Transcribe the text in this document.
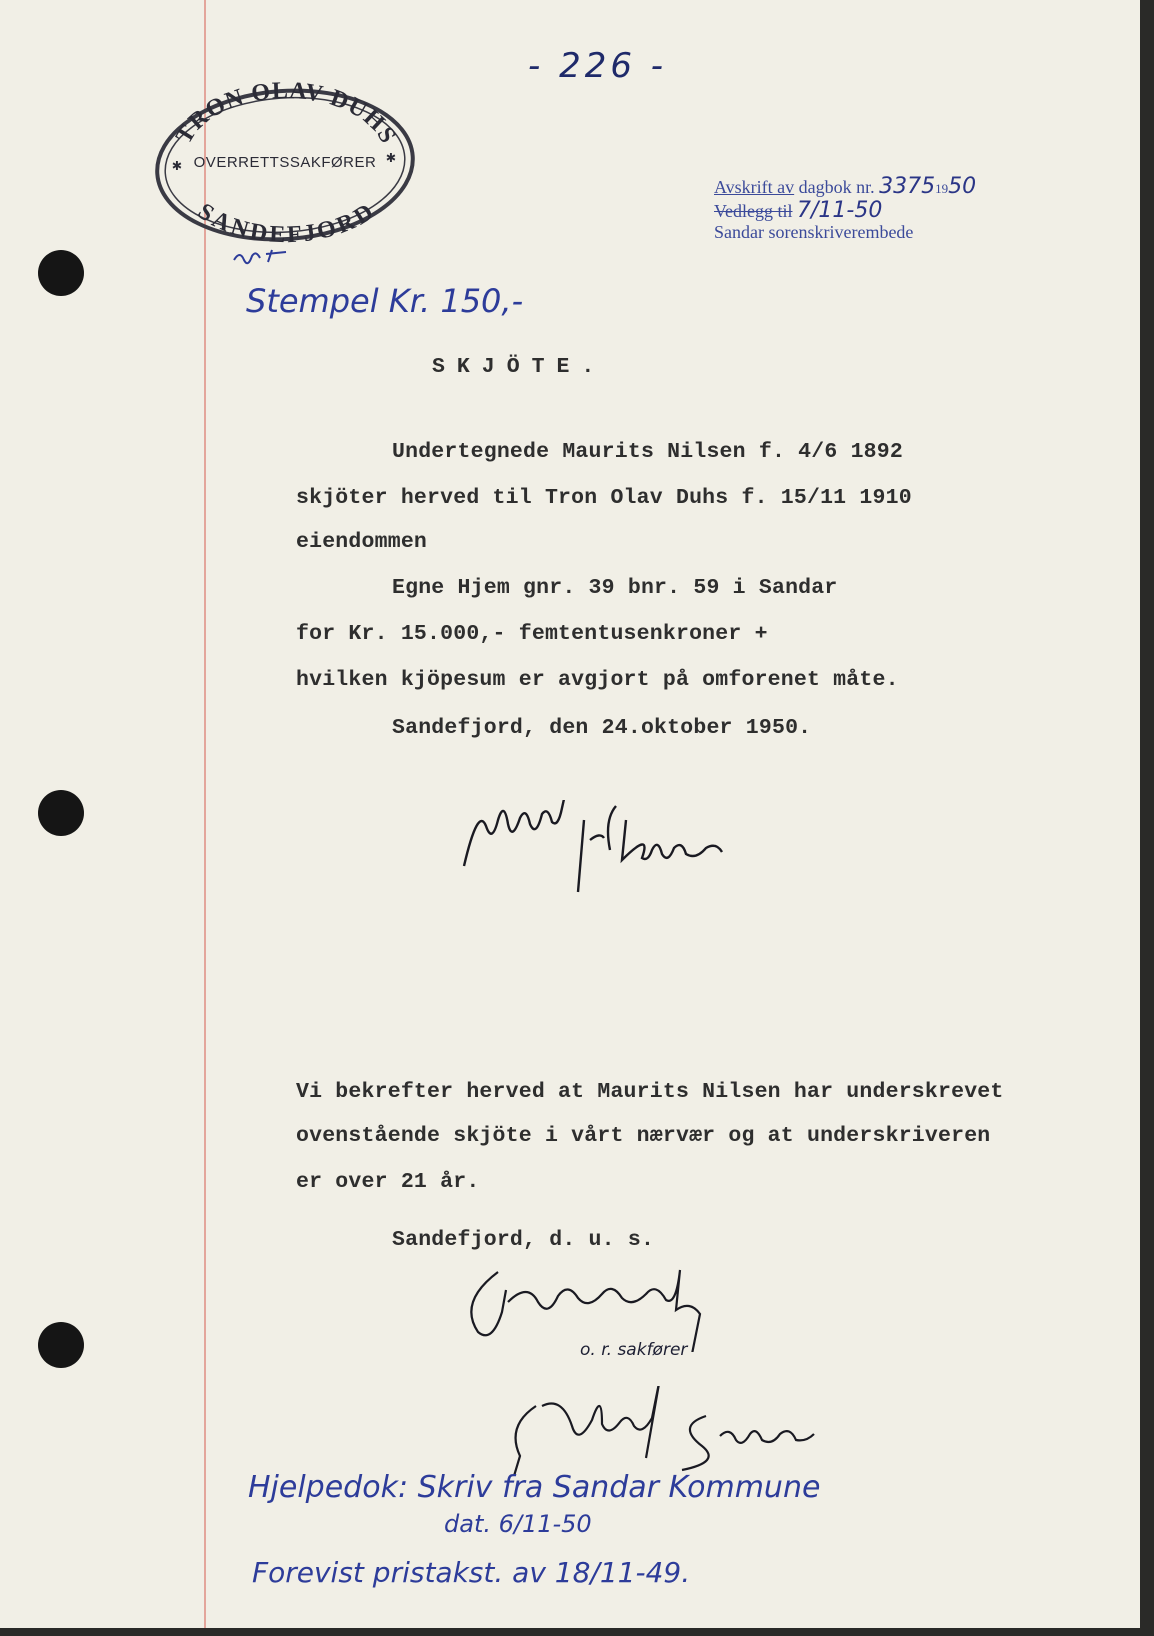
- 226 -
TRON OLAV DUHS
SANDEFJORD
✱	✱
OVERRETTSSAKFØRER
Avskrift av dagbok nr. 33751950
Vedlegg til 7/11-50
Sandar sorenskriverembede
Stempel Kr. 150,-
SKJÖTE.
Undertegnede Maurits Nilsen f. 4/6 1892
skjöter herved til Tron Olav Duhs f. 15/11 1910
eiendommen
Egne Hjem gnr. 39 bnr. 59 i Sandar
for Kr. 15.000,- femtentusenkroner +
hvilken kjöpesum er avgjort på omforenet måte.
Sandefjord, den 24.oktober 1950.
Vi bekrefter herved at Maurits Nilsen har underskrevet
ovenstående skjöte i vårt nærvær og at underskriveren
er over 21 år.
Sandefjord, d. u. s.
o. r. sakfører
Hjelpedok: Skriv fra Sandar Kommune
dat. 6/11-50
Forevist pristakst. av 18/11-49.
